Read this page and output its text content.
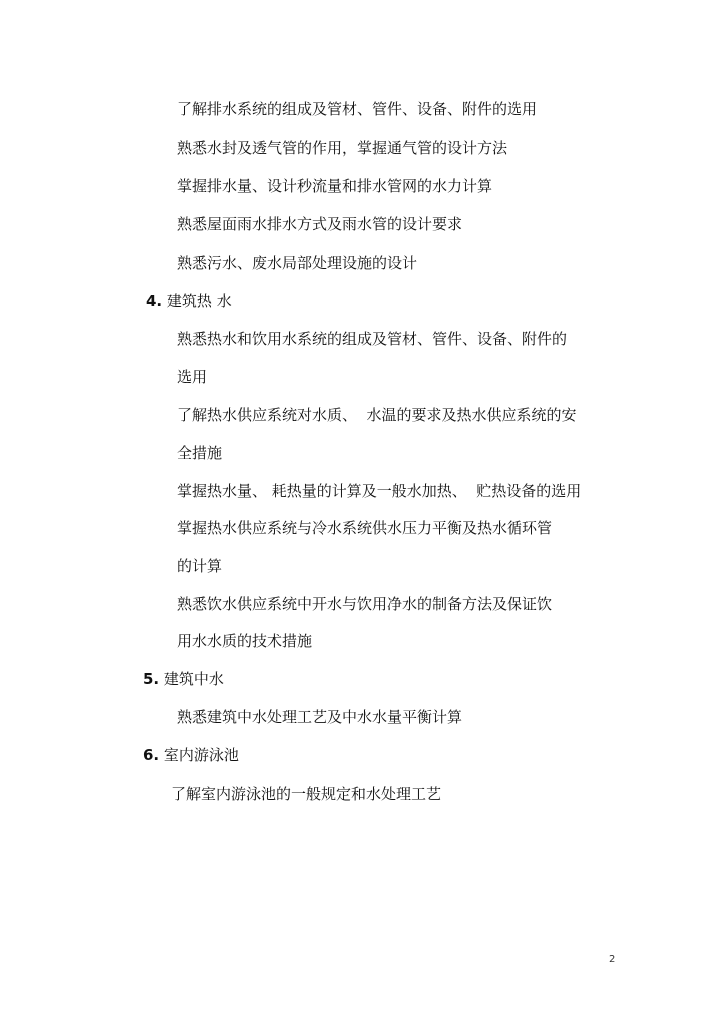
了解排水系统的组成及管材、管件、设备、附件的选用
熟悉水封及透气管的作用，掌握通气管的设计方法
掌握排水量、设计秒流量和排水管网的水力计算
熟悉屋面雨水排水方式及雨水管的设计要求
熟悉污水、废水局部处理设施的设计
4. 建筑热 水
熟悉热水和饮用水系统的组成及管材、管件、设备、附件的
选用
了解热水供应系统对水质、  水温的要求及热水供应系统的安
全措施
掌握热水量、 耗热量的计算及一般水加热、  贮热设备的选用
掌握热水供应系统与冷水系统供水压力平衡及热水循环管
的计算
熟悉饮水供应系统中开水与饮用净水的制备方法及保证饮
用水水质的技术措施
5. 建筑中水
熟悉建筑中水处理工艺及中水水量平衡计算
6. 室内游泳池
了解室内游泳池的一般规定和水处理工艺
2
